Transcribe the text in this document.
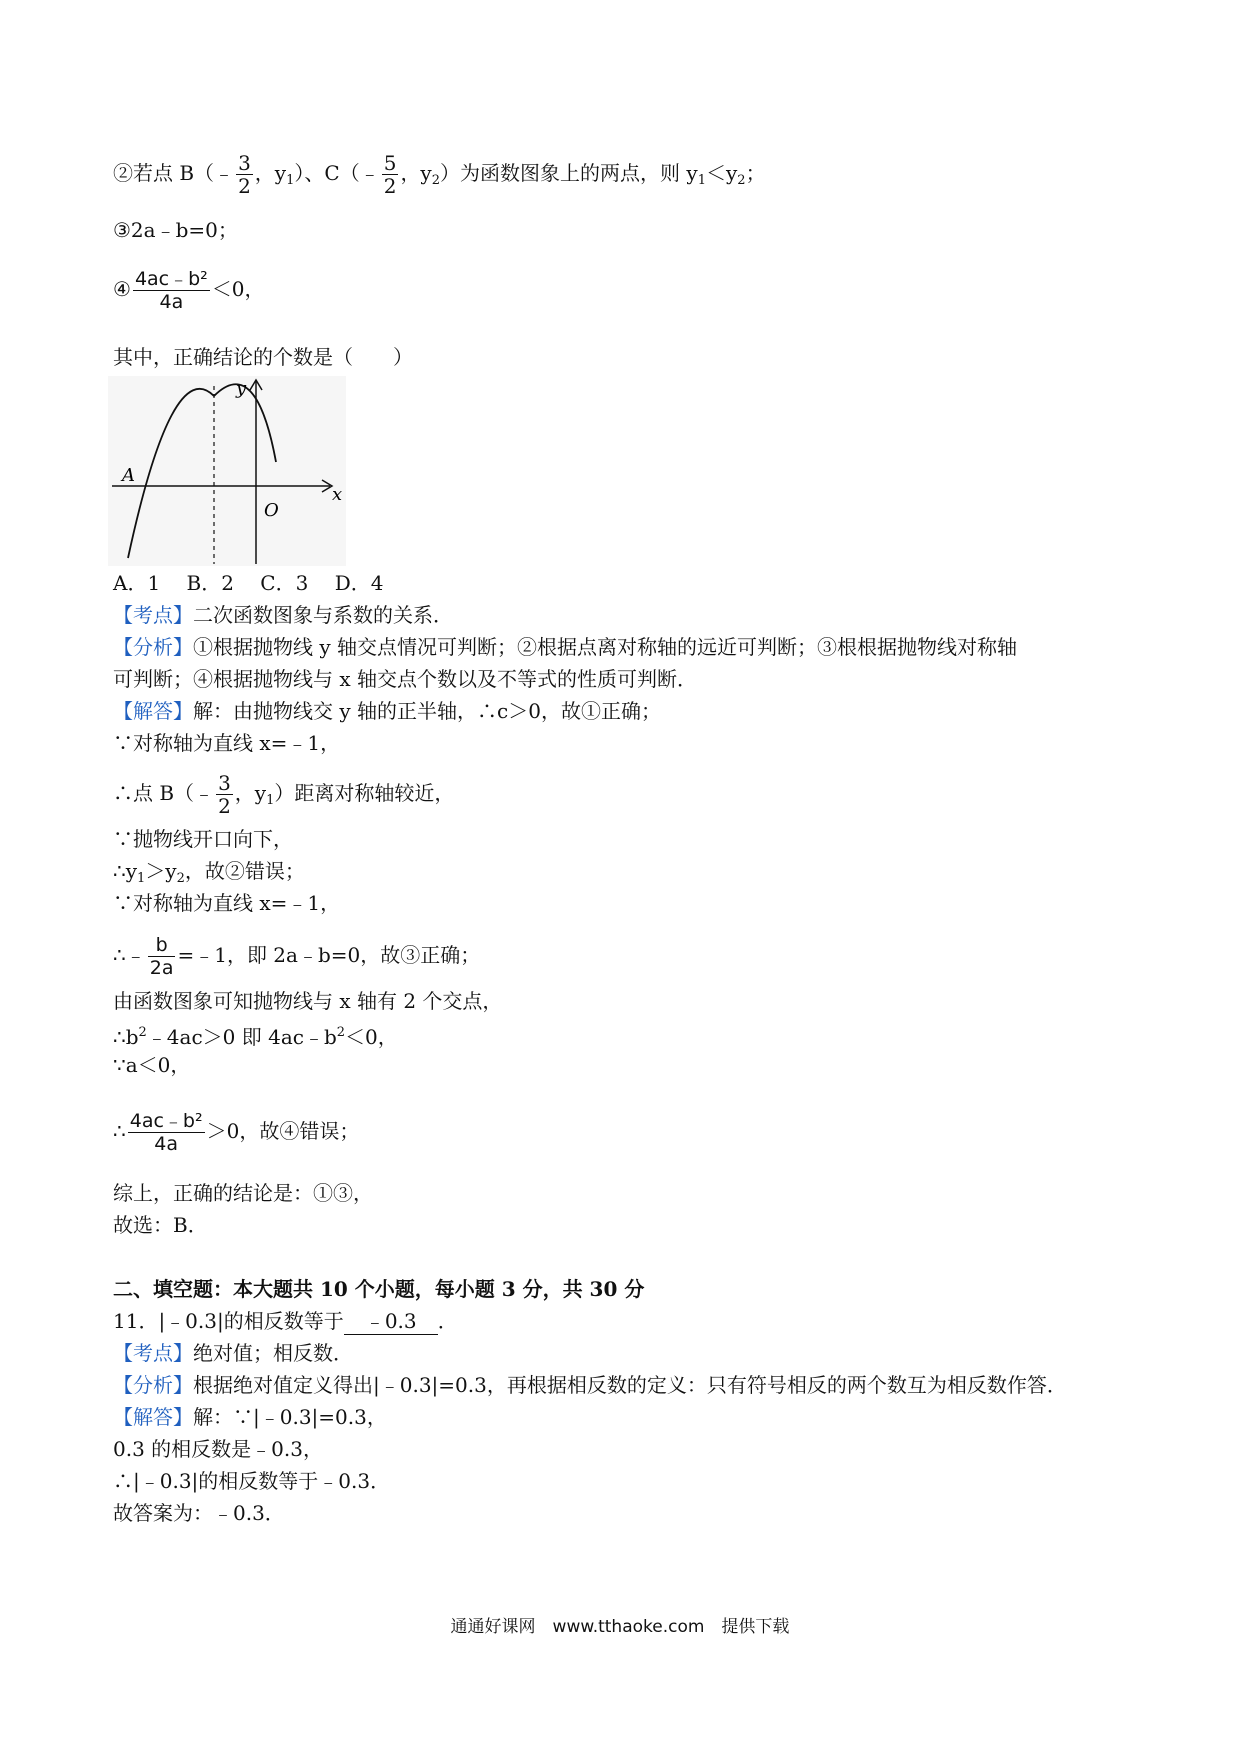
②若点 B（﹣ $\frac{3}{2}$ ，$y_1$）、C（﹣ $\frac{5}{2}$ ，$y_2$）为函数图象上的两点，则 $y_1<y_2$；
③2a﹣b=0；
④ $\frac{\text{4ac﹣b²}}{4a} <0$，
其中，正确结论的个数是（　　）
y
x
A
O
A．1　 B．2　 C．3　 D．4
【考点】二次函数图象与系数的关系．
【分析】①根据抛物线 y 轴交点情况可判断；②根据点离对称轴的远近可判断；③根根据抛物线对称轴
可判断；④根据抛物线与 x 轴交点个数以及不等式的性质可判断．
【解答】解：由抛物线交 y 轴的正半轴，∴c＞0，故①正确；
∵对称轴为直线 x=﹣1，
∴点 B（﹣ $\frac{3}{2}$ ，$y_1$）距离对称轴较近，
∵抛物线开口向下，
$\therefore y_1>y_2$，故②错误；
∵对称轴为直线 x=﹣1，
∴﹣ $\frac{b}{2a}$ =﹣1，即 2a﹣b=0，故③正确；
由函数图象可知抛物线与 x 轴有 2 个交点，
$\therefore b^2﹣4ac>0$ 即 $4ac﹣b^2<0$，
∵a＜0，
∴ $\frac{\text{4ac﹣b²}}{4a} >0$，故④错误；
综上，正确的结论是：①③，
故选：B．
二、填空题：本大题共 10 个小题，每小题 3 分，共 30 分
11．|﹣0.3|的相反数等于 ﹣0.3 ．
【考点】绝对值；相反数．
【分析】根据绝对值定义得出|﹣0.3|=0.3，再根据相反数的定义：只有符号相反的两个数互为相反数作答．
【解答】解：∵|﹣0.3|=0.3，
0.3 的相反数是﹣0.3，
∴|﹣0.3|的相反数等于﹣0.3．
故答案为：﹣0.3．
通通好课网　www.tthaoke.com　提供下载
